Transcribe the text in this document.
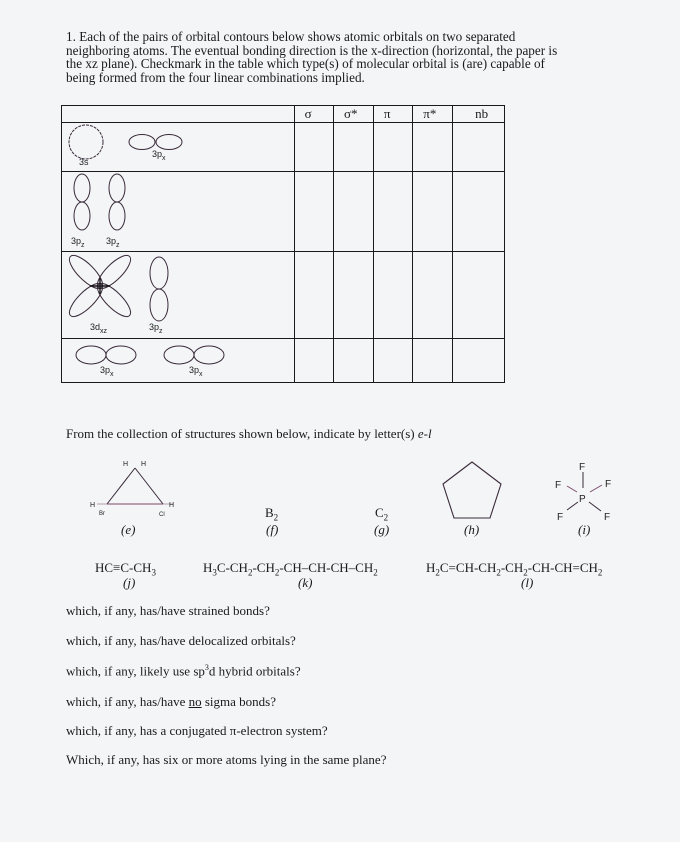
1. Each of the pairs of orbital contours below shows atomic orbitals on two separated
neighboring atoms. The eventual bonding direction is the x-direction (horizontal, the paper is
the xz plane). Checkmark in the table which type(s) of molecular orbital is (are) capable of
being formed from the four linear combinations implied.
	σ	σ*	π	π*	nb

3s
$3p_x$

$3p_z$ $3p_z$

$3d_{xz}$ $3p_z$

$3p_x$ $3p_x$

From the collection of structures shown below, indicate by letter(s) e-l
H H
H	H
Br	Cl
(e)
$B_2$
(f)
$C_2$
(g)	(h)
F
F	F
P
F	F
(i)
$HC\equiv C-CH_3$
(j)
$H_3C-CH_2-CH_2-CH-CH-CH-CH_2$
(k)
$H_2C=CH-CH_2-CH_2-CH-CH=CH_2$
(l)
which, if any, has/have strained bonds?
which, if any, has/have delocalized orbitals?
which, if any, likely use $sp^3d$ hybrid orbitals?
which, if any, has/have no sigma bonds?
which, if any, has a conjugated π-electron system?
Which, if any, has six or more atoms lying in the same plane?
